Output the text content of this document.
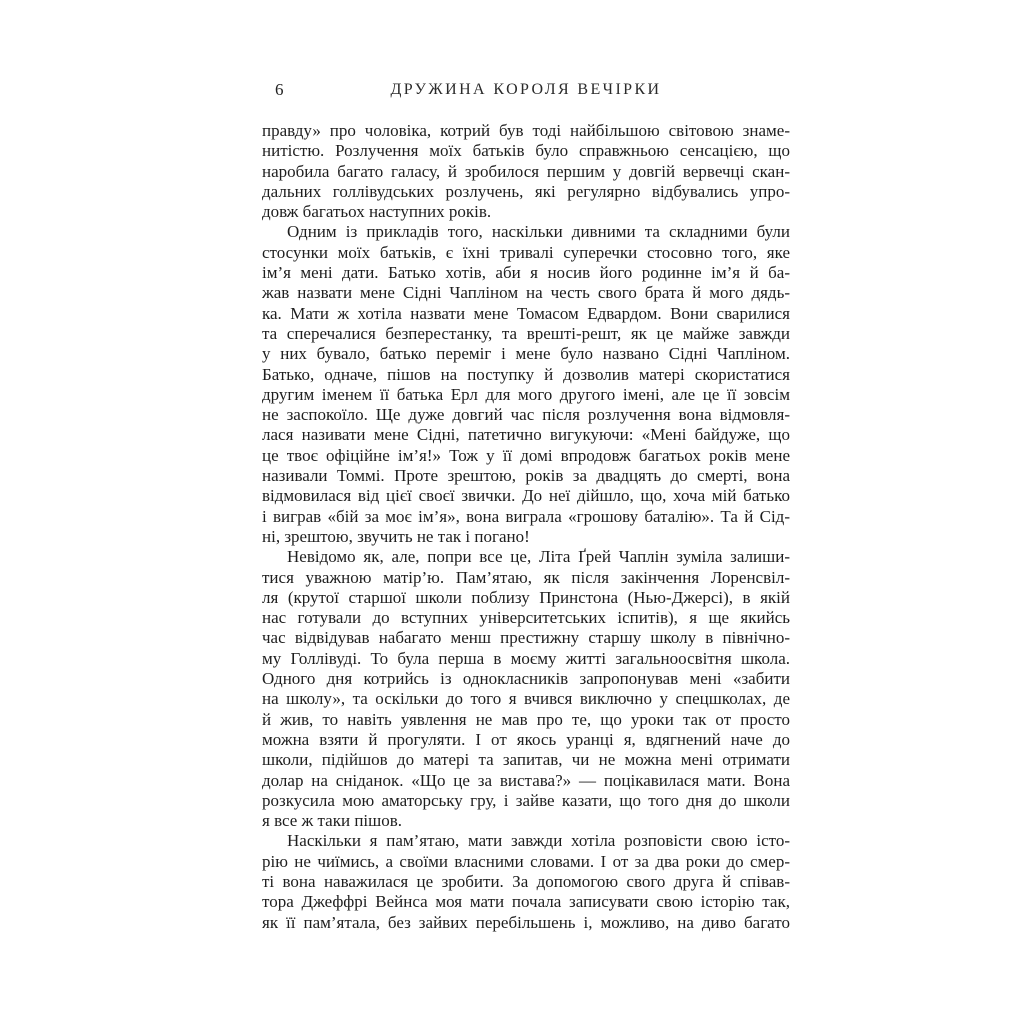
6	ДРУЖИНА КОРОЛЯ ВЕЧІРКИ
правду» про чоловіка, котрий був тоді найбільшою світовою знаме-
нитістю. Розлучення моїх батьків було справжньою сенсацією, що
наробила багато галасу, й зробилося першим у довгій вервечці скан-
дальних голлівудських розлучень, які регулярно відбувались упро-
довж багатьох наступних років.
Одним із прикладів того, наскільки дивними та складними були
стосунки моїх батьків, є їхні тривалі суперечки стосовно того, яке
ім’я мені дати. Батько хотів, аби я носив його родинне ім’я й ба-
жав назвати мене Сідні Чапліном на честь свого брата й мого дядь-
ка. Мати ж хотіла назвати мене Томасом Едвардом. Вони сварилися
та сперечалися безперестанку, та врешті-решт, як це майже завжди
у них бувало, батько переміг і мене було названо Сідні Чапліном.
Батько, одначе, пішов на поступку й дозволив матері скористатися
другим іменем її батька Ерл для мого другого імені, але це її зовсім
не заспокоїло. Ще дуже довгий час після розлучення вона відмовля-
лася називати мене Сідні, патетично вигукуючи: «Мені байдуже, що
це твоє офіційне ім’я!» Тож у її домі впродовж багатьох років мене
називали Томмі. Проте зрештою, років за двадцять до смерті, вона
відмовилася від цієї своєї звички. До неї дійшло, що, хоча мій батько
і виграв «бій за моє ім’я», вона виграла «грошову баталію». Та й Сід-
ні, зрештою, звучить не так і погано!
Невідомо як, але, попри все це, Літа Ґрей Чаплін зуміла залиши-
тися уважною матір’ю. Пам’ятаю, як після закінчення Лоренсвіл-
ля (крутої старшої школи поблизу Принстона (Нью-Джерсі), в якій
нас готували до вступних університетських іспитів), я ще якийсь
час відвідував набагато менш престижну старшу школу в північно-
му Голлівуді. То була перша в моєму житті загальноосвітня школа.
Одного дня котрийсь із однокласників запропонував мені «забити
на школу», та оскільки до того я вчився виключно у спецшколах, де
й жив, то навіть уявлення не мав про те, що уроки так от просто
можна взяти й прогуляти. І от якось уранці я, вдягнений наче до
школи, підійшов до матері та запитав, чи не можна мені отримати
долар на сніданок. «Що це за вистава?» — поцікавилася мати. Вона
розкусила мою аматорську гру, і зайве казати, що того дня до школи
я все ж таки пішов.
Наскільки я пам’ятаю, мати завжди хотіла розповісти свою істо-
рію не чиїмись, а своїми власними словами. І от за два роки до смер-
ті вона наважилася це зробити. За допомогою свого друга й співав-
тора Джеффрі Вейнса моя мати почала записувати свою історію так,
як її пам’ятала, без зайвих перебільшень і, можливо, на диво багато
